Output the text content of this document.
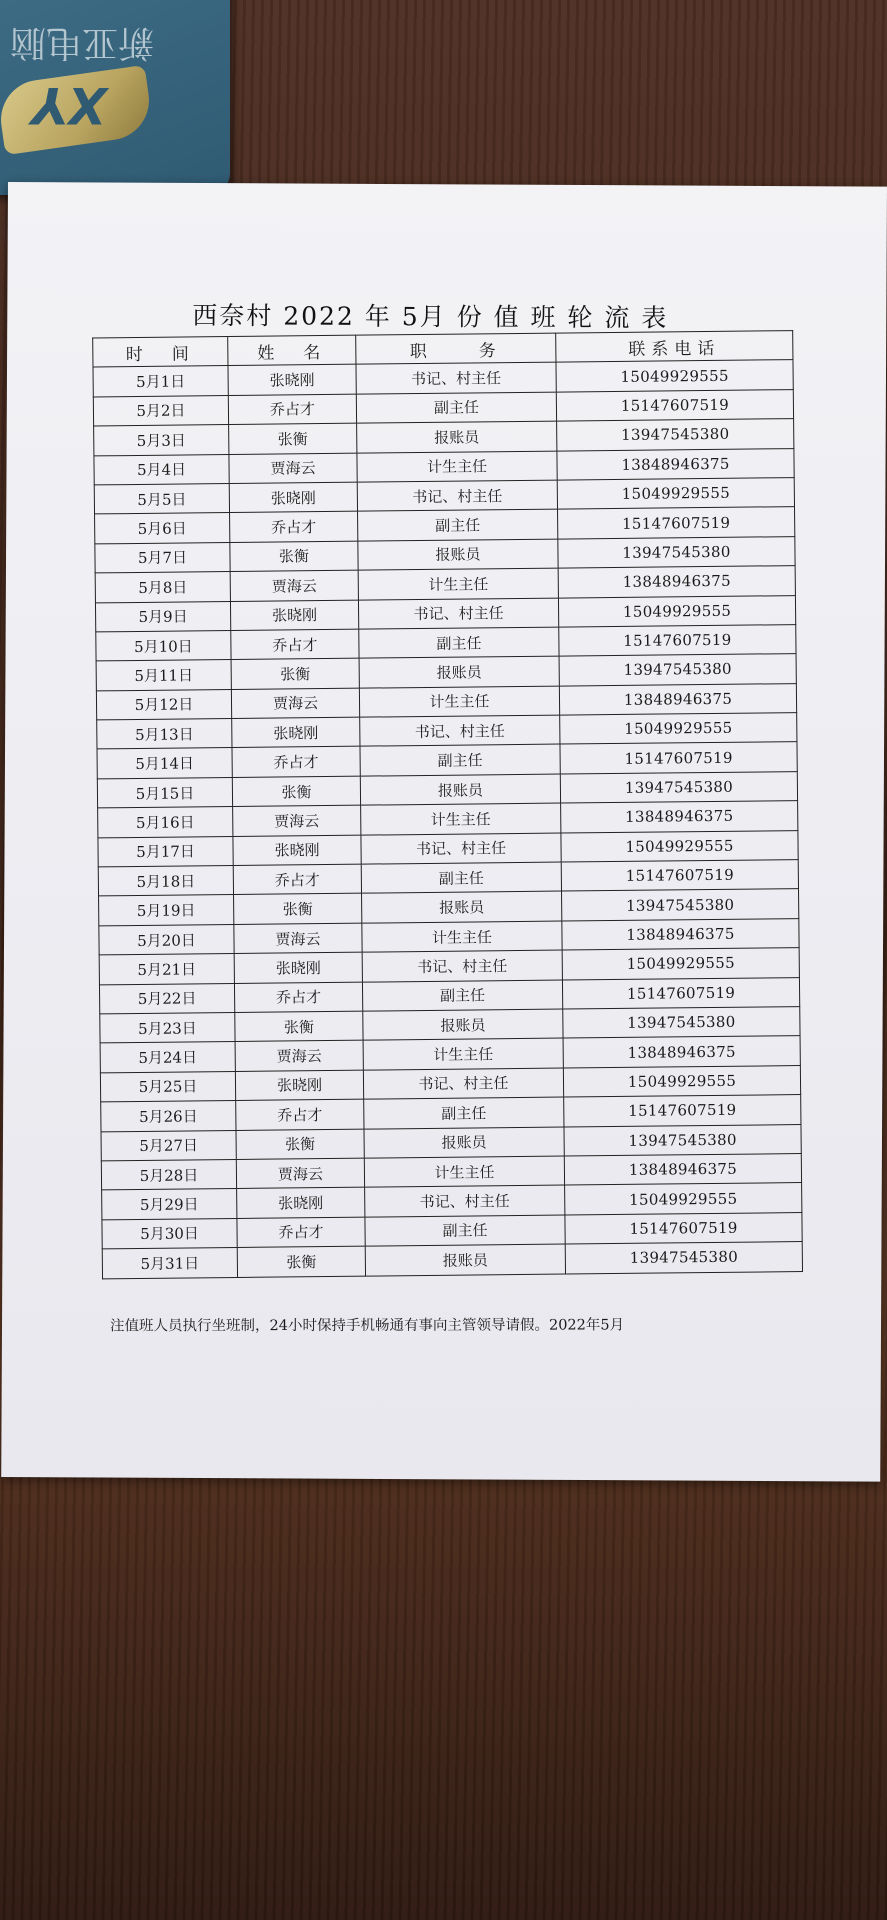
新亚电脑
XY
西奈村 2022 年 5月 份 值 班 轮 流 表
时　间	姓　名	职　　务	联系电话
5月1日	张晓刚	书记、村主任	15049929555
5月2日	乔占才	副主任	15147607519
5月3日	张衡	报账员	13947545380
5月4日	贾海云	计生主任	13848946375
5月5日	张晓刚	书记、村主任	15049929555
5月6日	乔占才	副主任	15147607519
5月7日	张衡	报账员	13947545380
5月8日	贾海云	计生主任	13848946375
5月9日	张晓刚	书记、村主任	15049929555
5月10日	乔占才	副主任	15147607519
5月11日	张衡	报账员	13947545380
5月12日	贾海云	计生主任	13848946375
5月13日	张晓刚	书记、村主任	15049929555
5月14日	乔占才	副主任	15147607519
5月15日	张衡	报账员	13947545380
5月16日	贾海云	计生主任	13848946375
5月17日	张晓刚	书记、村主任	15049929555
5月18日	乔占才	副主任	15147607519
5月19日	张衡	报账员	13947545380
5月20日	贾海云	计生主任	13848946375
5月21日	张晓刚	书记、村主任	15049929555
5月22日	乔占才	副主任	15147607519
5月23日	张衡	报账员	13947545380
5月24日	贾海云	计生主任	13848946375
5月25日	张晓刚	书记、村主任	15049929555
5月26日	乔占才	副主任	15147607519
5月27日	张衡	报账员	13947545380
5月28日	贾海云	计生主任	13848946375
5月29日	张晓刚	书记、村主任	15049929555
5月30日	乔占才	副主任	15147607519
5月31日	张衡	报账员	13947545380
注值班人员执行坐班制，24小时保持手机畅通有事向主管领导请假。2022年5月
